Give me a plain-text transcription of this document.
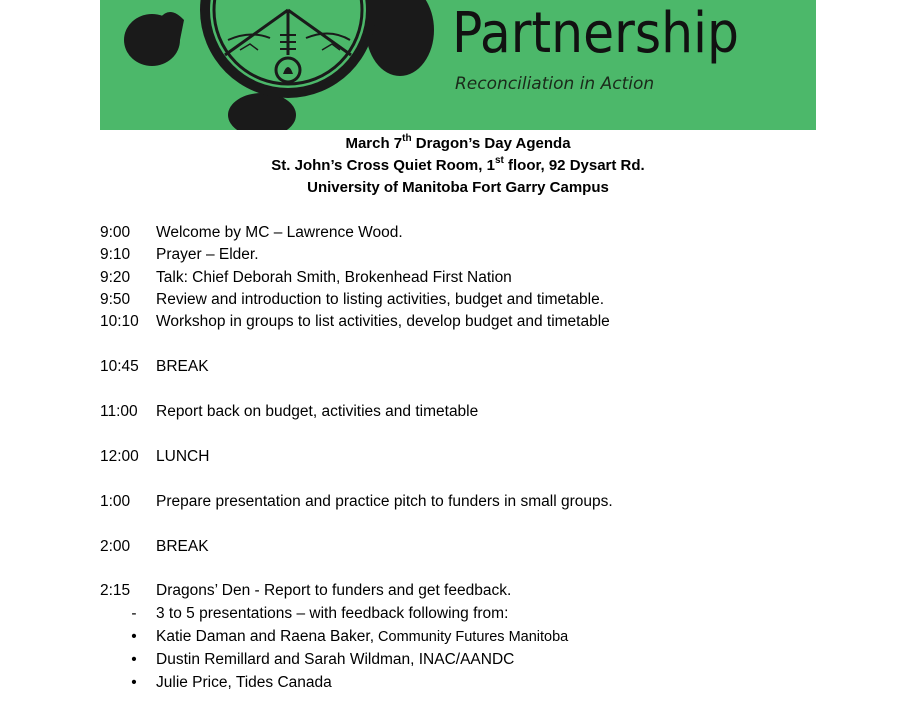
Partnership
Reconciliation in Action
March 7th Dragon’s Day Agenda
St. John’s Cross Quiet Room, 1st floor, 92 Dysart Rd.
University of Manitoba Fort Garry Campus
9:00	Welcome by MC – Lawrence Wood.
9:10	Prayer – Elder.
9:20	Talk: Chief Deborah Smith, Brokenhead First Nation
9:50	Review and introduction to listing activities, budget and timetable.
10:10	Workshop in groups to list activities, develop budget and timetable
10:45	BREAK
11:00	Report back on budget, activities and timetable
12:00	LUNCH
1:00	Prepare presentation and practice pitch to funders in small groups.
2:00	BREAK
2:15	Dragons’ Den - Report to funders and get feedback.
- 3 to 5 presentations – with feedback following from:
• Katie Daman and Raena Baker, Community Futures Manitoba
• Dustin Remillard and Sarah Wildman, INAC/AANDC
• Julie Price, Tides Canada
